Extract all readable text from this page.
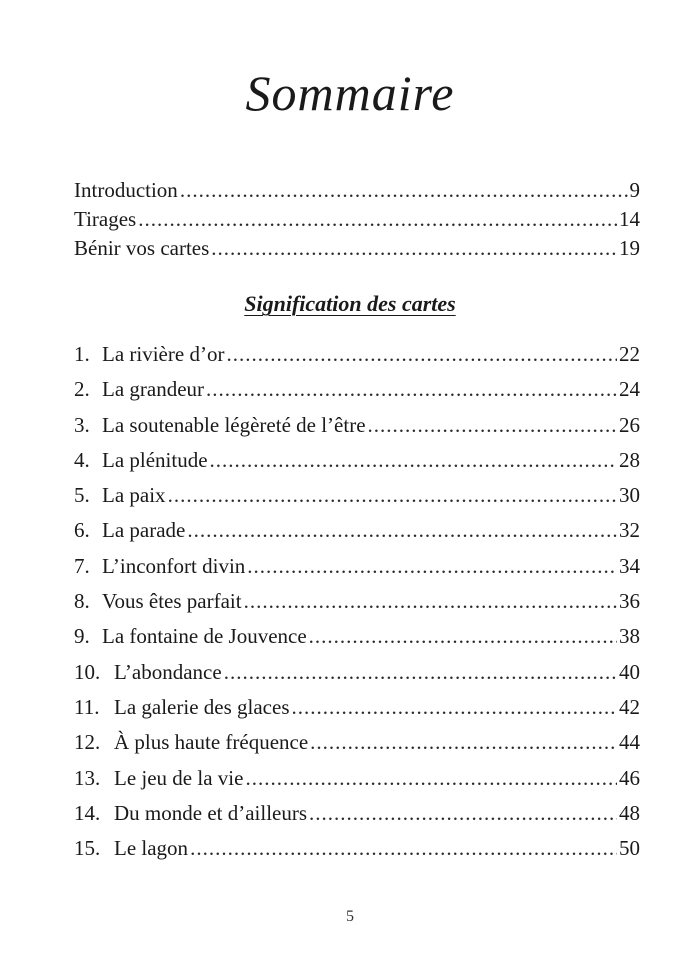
Sommaire
Introduction .....	9
Tirages .....	14
Bénir vos cartes .....	19
Signification des cartes
1. La rivière d’or .....	22
2. La grandeur .....	24
3. La soutenable légèreté de l’être .....	26
4. La plénitude .....	28
5. La paix .....	30
6. La parade .....	32
7. L’inconfort divin .....	34
8. Vous êtes parfait .....	36
9. La fontaine de Jouvence .....	38
10. L’abondance .....	40
11. La galerie des glaces .....	42
12. À plus haute fréquence .....	44
13. Le jeu de la vie .....	46
14. Du monde et d’ailleurs .....	48
15. Le lagon .....	50
5
